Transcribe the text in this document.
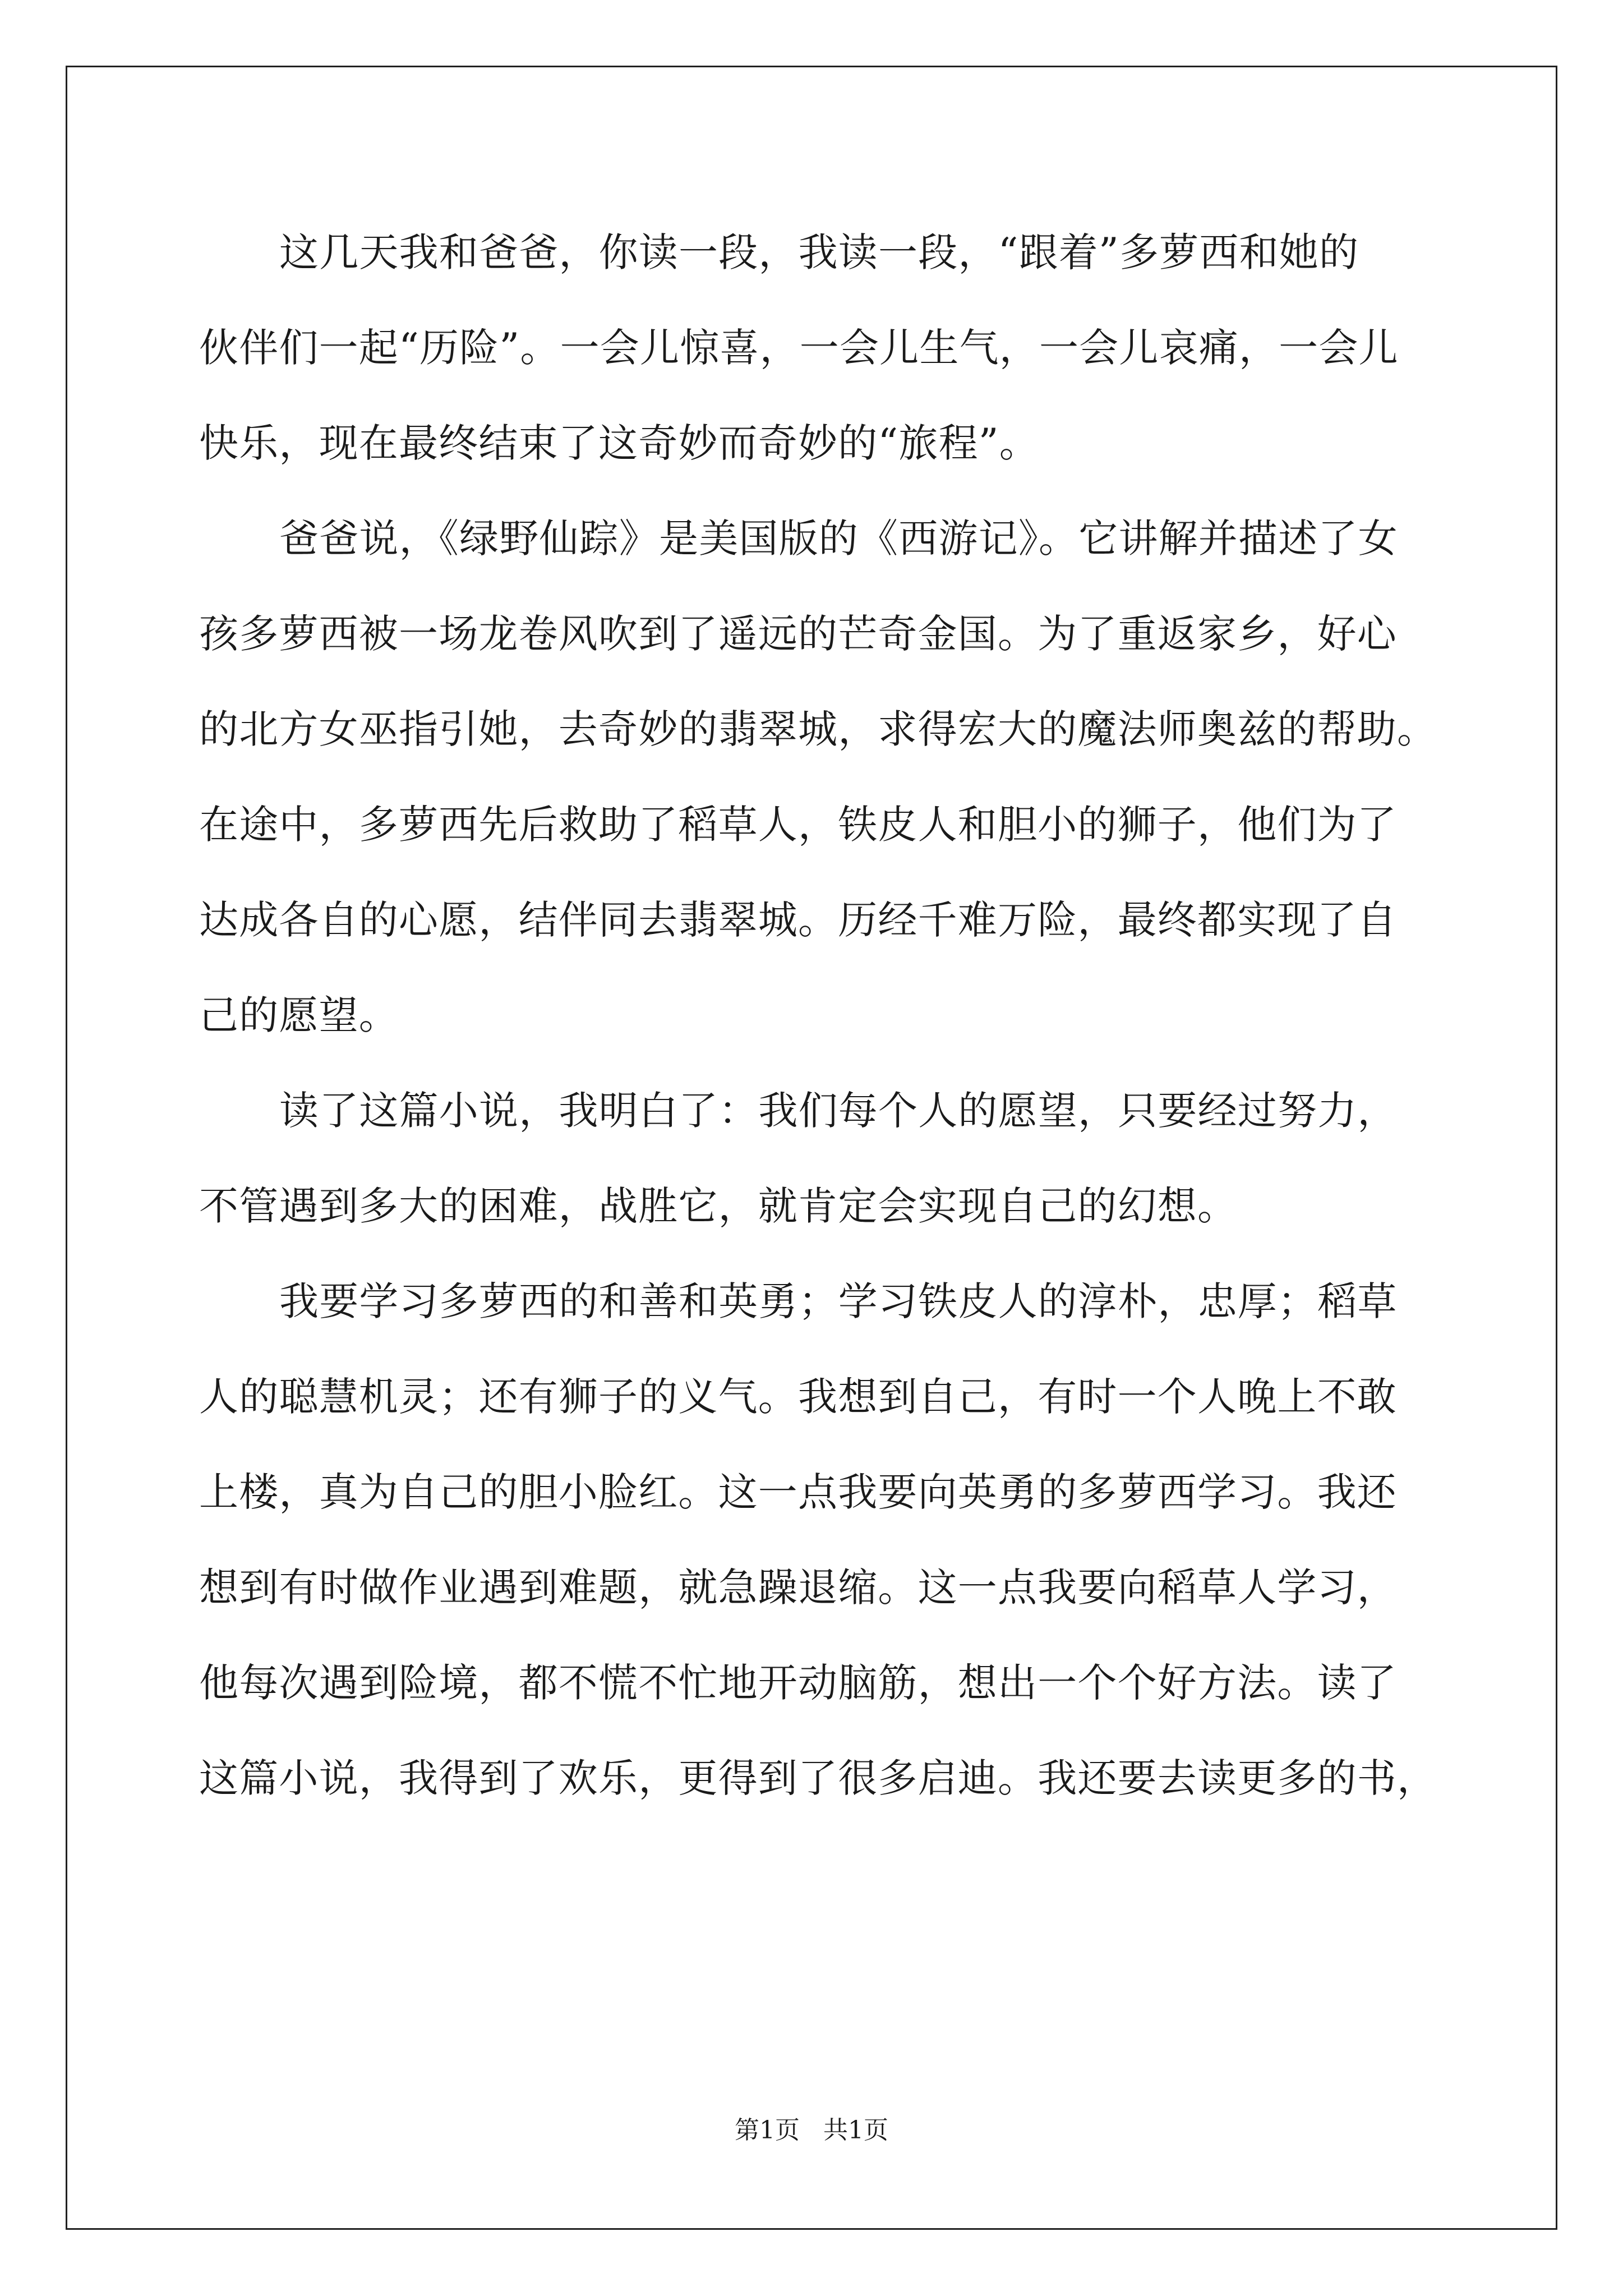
这几天我和爸爸，你读一段，我读一段，“跟着”多萝西和她的

伙伴们一起“历险”。一会儿惊喜，一会儿生气，一会儿哀痛，一会儿

快乐，现在最终结束了这奇妙而奇妙的“旅程”。

爸爸说，《绿野仙踪》是美国版的《西游记》。它讲解并描述了女

孩多萝西被一场龙卷风吹到了遥远的芒奇金国。为了重返家乡，好心

的北方女巫指引她，去奇妙的翡翠城，求得宏大的魔法师奥兹的帮助。

在途中，多萝西先后救助了稻草人，铁皮人和胆小的狮子，他们为了

达成各自的心愿，结伴同去翡翠城。历经千难万险，最终都实现了自

己的愿望。

读了这篇小说，我明白了：我们每个人的愿望，只要经过努力，

不管遇到多大的困难，战胜它，就肯定会实现自己的幻想。

我要学习多萝西的和善和英勇；学习铁皮人的淳朴，忠厚；稻草

人的聪慧机灵；还有狮子的义气。我想到自己，有时一个人晚上不敢

上楼，真为自己的胆小脸红。这一点我要向英勇的多萝西学习。我还

想到有时做作业遇到难题，就急躁退缩。这一点我要向稻草人学习，

他每次遇到险境，都不慌不忙地开动脑筋，想出一个个好方法。读了

这篇小说，我得到了欢乐，更得到了很多启迪。我还要去读更多的书，

第1页 共1页
